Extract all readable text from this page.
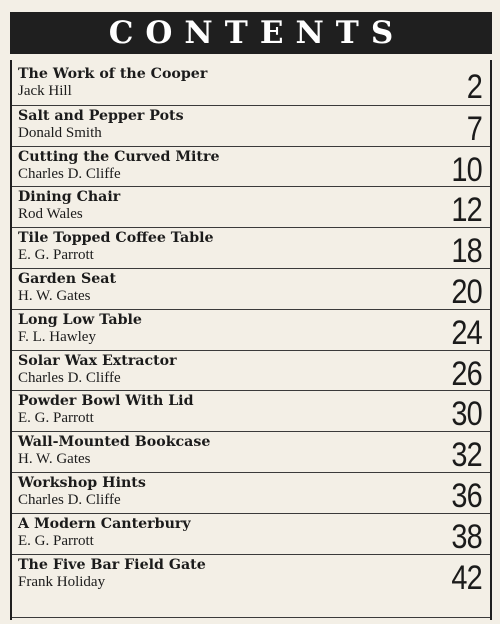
CONTENTS
The Work of the Cooper
Jack Hill	2
Salt and Pepper Pots
Donald Smith	7
Cutting the Curved Mitre
Charles D. Cliffe	10
Dining Chair
Rod Wales	12
Tile Topped Coffee Table
E. G. Parrott	18
Garden Seat
H. W. Gates	20
Long Low Table
F. L. Hawley	24
Solar Wax Extractor
Charles D. Cliffe	26
Powder Bowl With Lid
E. G. Parrott	30
Wall-Mounted Bookcase
H. W. Gates	32
Workshop Hints
Charles D. Cliffe	36
A Modern Canterbury
E. G. Parrott	38
The Five Bar Field Gate
Frank Holiday	42
